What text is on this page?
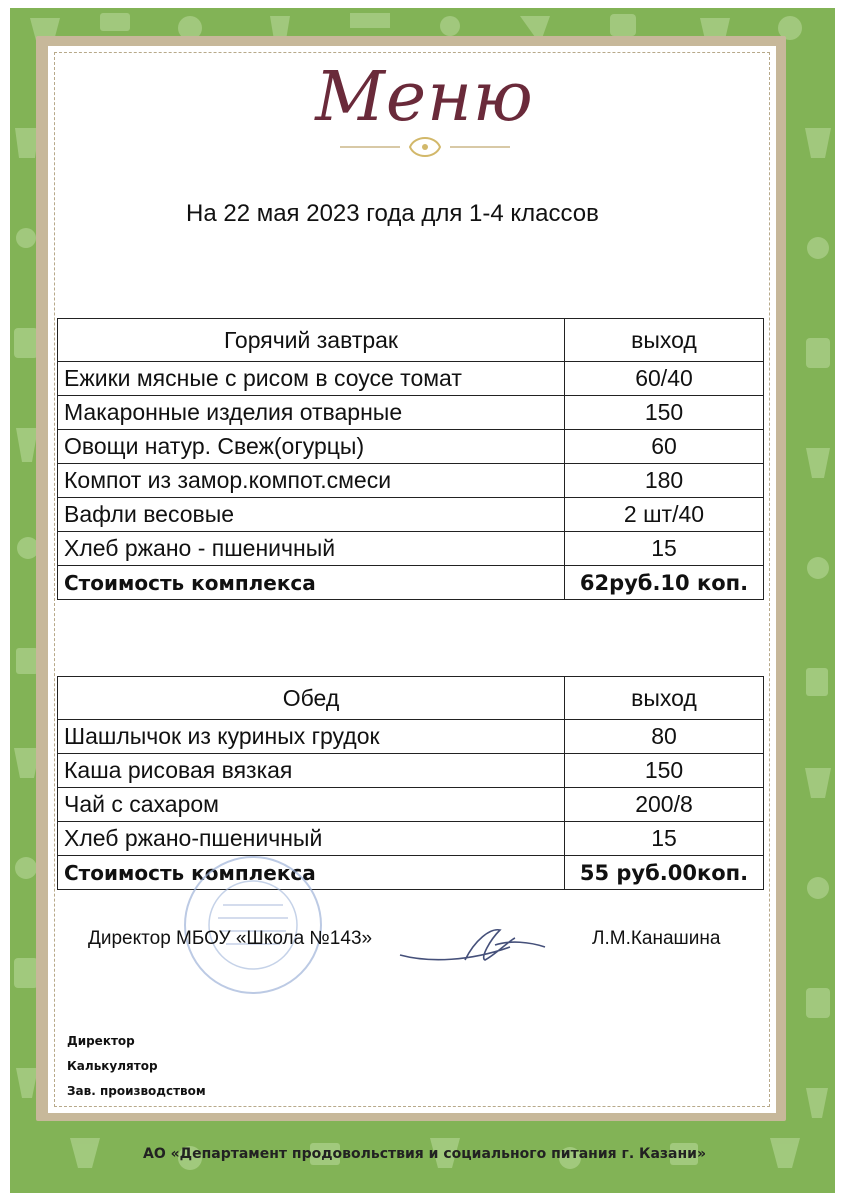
Меню
На 22 мая 2023 года для 1-4 классов
Горячий завтрак	выход
Ежики мясные с рисом в соусе томат	60/40
Макаронные изделия отварные	150
Овощи натур. Свеж(огурцы)	60
Компот из замор.компот.смеси	180
Вафли весовые	2 шт/40
Хлеб ржано - пшеничный	15
Стоимость комплекса	62руб.10 коп.
Обед	выход
Шашлычок из куриных грудок	80
Каша рисовая вязкая	150
Чай с сахаром	200/8
Хлеб ржано-пшеничный	15
Стоимость комплекса	55 руб.00коп.
Директор МБОУ «Школа №143»	Л.М.Канашина
Директор
Калькулятор
Зав. производством
АО «Департамент продовольствия и социального питания г. Казани»
